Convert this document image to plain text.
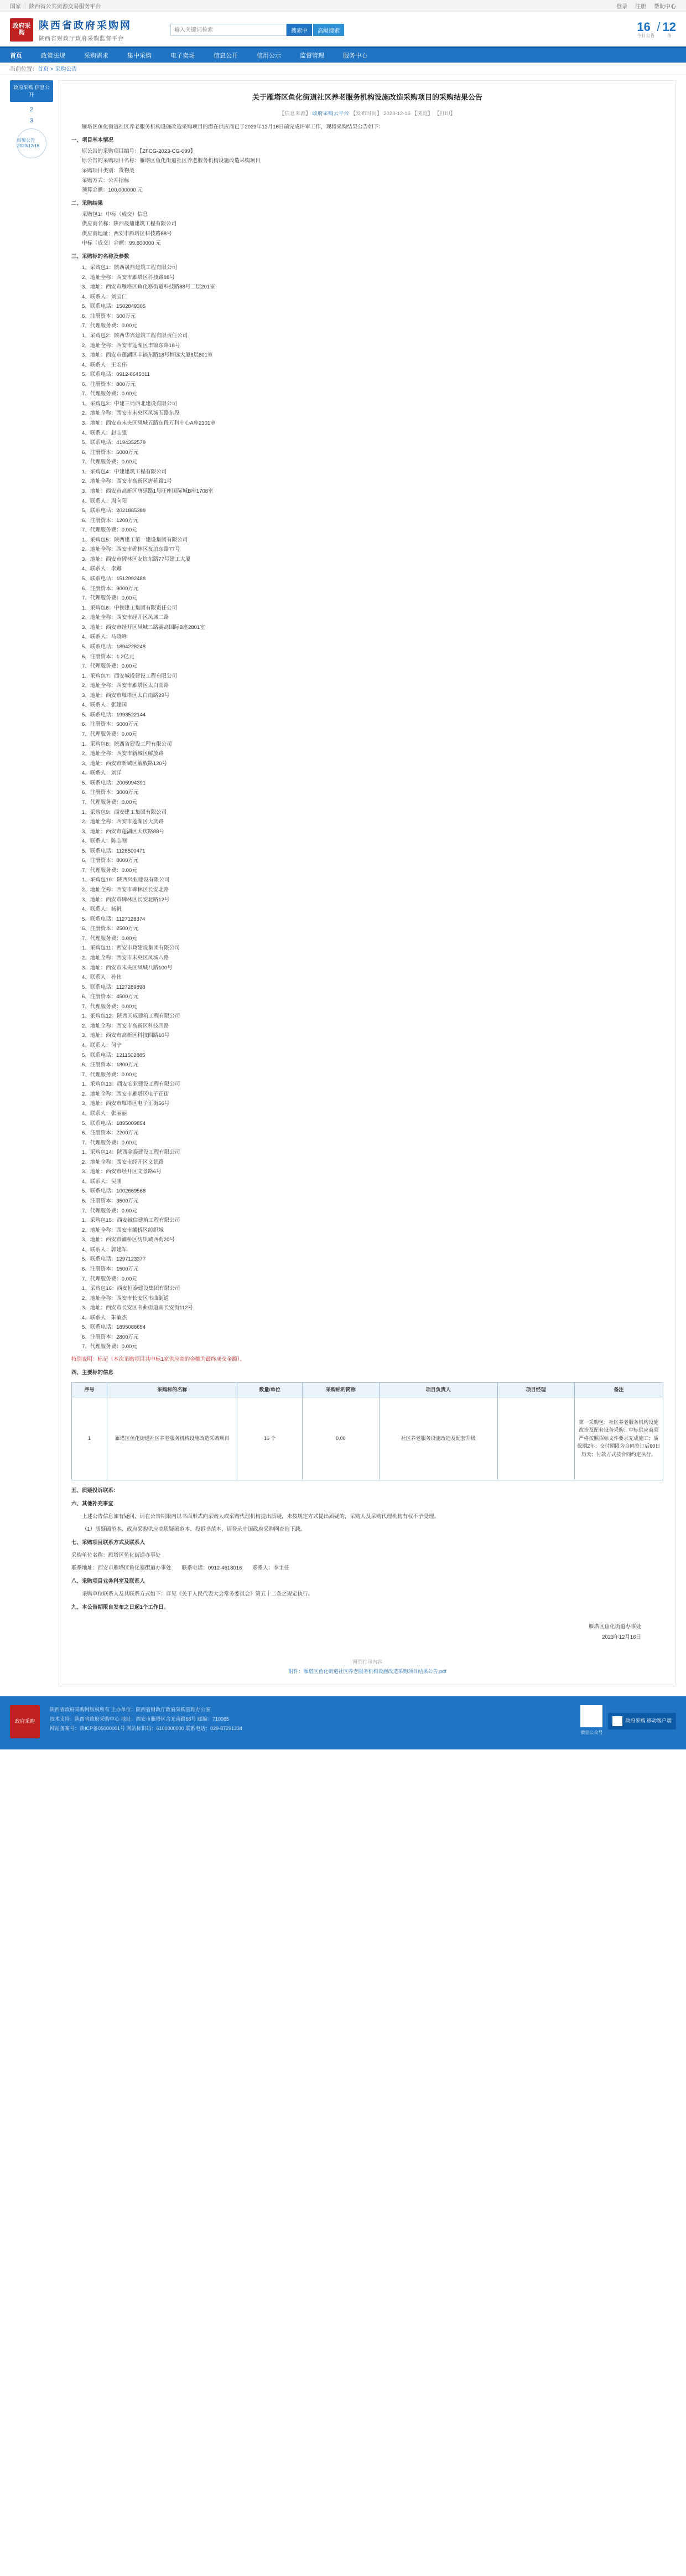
国家 | 陕西省公共资源交易服务平台	登录 注册 帮助中心
政府采购
陕西省政府采购网
陕西省财政厅政府采购监督平台
输入关键词检索
搜索中	高级搜索	16
今日公告
/ 12
条
首页	政策法规	采购需求	集中采购	电子卖场	信息公开	信用公示	监督管理	服务中心
当前位置： 首页 > 采购公告
政府采购 信息公开
2
3
结果公告 2023/12/16
关于雁塔区鱼化街道社区养老服务机构设施改造采购项目的采购结果公告
【信息来源】 政府采购云平台 【发布时间】 2023-12-16 【浏览】 【打印】
雁塔区鱼化街道社区养老服务机构设施改造采购项目的潜在供应商已于2023年12月16日前完成评审工作，现将采购结果公告如下：
一、项目基本情况
原公告的采购项目编号：【ZFCG-2023-CG-099】
原公告的采购项目名称：雁塔区鱼化街道社区养老服务机构设施改造采购项目
采购项目类别：货物类
采购方式：公开招标
预算金额：100.000000 元
二、采购结果
采购包1：中标（成交）信息
供应商名称：陕西晟鼎建筑工程有限公司
供应商地址：西安市雁塔区科技路88号
中标（成交）金额：99.600000 元
三、采购标的名称及参数
1、采购包1：陕西晟鼎建筑工程有限公司
2、地址全称：西安市雁塔区科技路88号
3、地址：西安市雁塔区鱼化寨街道科技路88号二层201室
4、联系人：刘宝仁
5、联系电话：1502849305
6、注册资本：500万元
7、代理服务费：0.00元
1、采购包2：陕西华兴建筑工程有限责任公司
2、地址全称：西安市莲湖区丰镐东路18号
3、地址：西安市莲湖区丰镐东路18号恒远大厦8层801室
4、联系人：王宏伟
5、联系电话：0912-8645011
6、注册资本：800万元
7、代理服务费：0.00元
1、采购包3：中建三局西北建设有限公司
2、地址全称：西安市未央区凤城五路东段
3、地址：西安市未央区凤城五路东段万科中心A座2101室
4、联系人：赵志强
5、联系电话：4194352579
6、注册资本：5000万元
7、代理服务费：0.00元
1、采购包4：中建建筑工程有限公司
2、地址全称：西安市高新区唐延路1号
3、地址：西安市高新区唐延路1号旺座国际城B座1708室
4、联系人：周向阳
5、联系电话：2021885388
6、注册资本：1200万元
7、代理服务费：0.00元
1、采购包5：陕西建工第一建设集团有限公司
2、地址全称：西安市碑林区友谊东路77号
3、地址：西安市碑林区友谊东路77号建工大厦
4、联系人：李娜
5、联系电话：1512992488
6、注册资本：9000万元
7、代理服务费：0.00元
1、采购包6：中铁建工集团有限责任公司
2、地址全称：西安市经开区凤城二路
3、地址：西安市经开区凤城二路赛高国际B座2801室
4、联系人：马晓峰
5、联系电话：1894228248
6、注册资本：1.2亿元
7、代理服务费：0.00元
1、采购包7：西安城投建设工程有限公司
2、地址全称：西安市雁塔区太白南路
3、地址：西安市雁塔区太白南路29号
4、联系人：张建国
5、联系电话：1993522144
6、注册资本：6000万元
7、代理服务费：0.00元
1、采购包8：陕西省建设工程有限公司
2、地址全称：西安市新城区解放路
3、地址：西安市新城区解放路120号
4、联系人：刘洋
5、联系电话：2005994391
6、注册资本：3000万元
7、代理服务费：0.00元
1、采购包9：西安建工集团有限公司
2、地址全称：西安市莲湖区大庆路
3、地址：西安市莲湖区大庆路88号
4、联系人：陈志刚
5、联系电话：1128500471
6、注册资本：8000万元
7、代理服务费：0.00元
1、采购包10：陕西兴业建设有限公司
2、地址全称：西安市碑林区长安北路
3、地址：西安市碑林区长安北路12号
4、联系人：杨帆
5、联系电话：1127128374
6、注册资本：2500万元
7、代理服务费：0.00元
1、采购包11：西安市政建设集团有限公司
2、地址全称：西安市未央区凤城八路
3、地址：西安市未央区凤城八路100号
4、联系人：孙伟
5、联系电话：1127289898
6、注册资本：4500万元
7、代理服务费：0.00元
1、采购包12：陕西天成建筑工程有限公司
2、地址全称：西安市高新区科技四路
3、地址：西安市高新区科技四路10号
4、联系人：何宁
5、联系电话：1211502885
6、注册资本：1800万元
7、代理服务费：0.00元
1、采购包13：西安宏业建设工程有限公司
2、地址全称：西安市雁塔区电子正街
3、地址：西安市雁塔区电子正街56号
4、联系人：张丽丽
5、联系电话：1895009854
6、注册资本：2200万元
7、代理服务费：0.00元
1、采购包14：陕西金泰建设工程有限公司
2、地址全称：西安市经开区文景路
3、地址：西安市经开区文景路6号
4、联系人：吴刚
5、联系电话：1002669568
6、注册资本：3500万元
7、代理服务费：0.00元
1、采购包15：西安诚信建筑工程有限公司
2、地址全称：西安市灞桥区纺织城
3、地址：西安市灞桥区纺织城西街20号
4、联系人：郭建军
5、联系电话：1297123377
6、注册资本：1500万元
7、代理服务费：0.00元
1、采购包16：西安恒泰建设集团有限公司
2、地址全称：西安市长安区韦曲街道
3、地址：西安市长安区韦曲街道南长安街112号
4、联系人：朱敏杰
5、联系电话：1895088654
6、注册资本：2800万元
7、代理服务费：0.00元
特别说明：标记（本次采购项目共中标1家供应商的金额为最终成交金额）。
四、主要标的信息
序号	采购标的名称	数量/单位	采购标的简称	项目负责人	项目经理	备注
1	雁塔区鱼化街道社区养老服务机构设施改造采购项目	16 个	0.00	社区养老服务设施改造及配套升级		第一采购包：社区养老服务机构设施改造及配套设备采购；中标供应商须严格按照招标文件要求完成施工；质保期2年；交付期限为合同签订后60日历天；付款方式按合同约定执行。
五、质疑投诉联系：
六、其他补充事宜
上述公告信息如有疑问，请在公告期限内以书面形式向采购人或采购代理机构提出质疑，未按规定方式提出质疑的，采购人及采购代理机构有权不予受理。
（1）质疑函范本、政府采购供应商质疑函范本、投诉书范本，请登录中国政府采购网查询下载。
七、采购项目联系方式及联系人
采购单位名称：雁塔区鱼化街道办事处
联系地址：西安市雁塔区鱼化寨街道办事处　　联系电话：0912-4618016　　联系人：李主任
八、采购项目业务科室及联系人
采购单位联系人及其联系方式如下：详见《关于人民代表大会常务委员会》第五十二条之规定执行。
九、本公告期限自发布之日起1个工作日。
雁塔区鱼化街道办事处
2023年12月16日
网页打印内容
附件：雁塔区鱼化街道社区养老服务机构设施改造采购项目结果公告.pdf
政府采购
陕西省政府采购网版权所有 主办单位：陕西省财政厅政府采购管理办公室
技术支持：陕西省政府采购中心 地址：西安市雁塔区含光南路66号 邮编：710065
网站备案号：陕ICP备05000001号 网站标识码：6100000000 联系电话：029-87291234
微信公众号
政府采购 移动客户端
